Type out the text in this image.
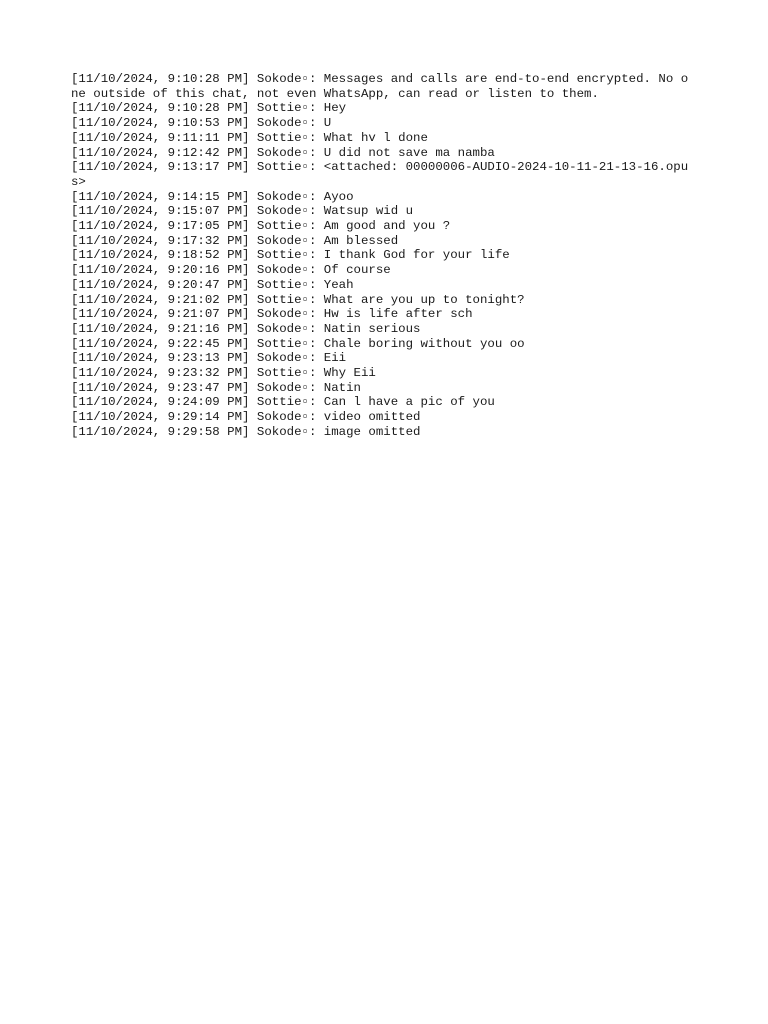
[11/10/2024, 9:10:28 PM] Sokode▫: Messages and calls are end-to-end encrypted. No one outside of this chat, not even WhatsApp, can read or listen to them.
[11/10/2024, 9:10:28 PM] Sottie▫: Hey
[11/10/2024, 9:10:53 PM] Sokode▫: U
[11/10/2024, 9:11:11 PM] Sottie▫: What hv l done
[11/10/2024, 9:12:42 PM] Sokode▫: U did not save ma namba
[11/10/2024, 9:13:17 PM] Sottie▫: <attached: 00000006-AUDIO-2024-10-11-21-13-16.opus>
[11/10/2024, 9:14:15 PM] Sokode▫: Ayoo
[11/10/2024, 9:15:07 PM] Sokode▫: Watsup wid u
[11/10/2024, 9:17:05 PM] Sottie▫: Am good and you ?
[11/10/2024, 9:17:32 PM] Sokode▫: Am blessed
[11/10/2024, 9:18:52 PM] Sottie▫: I thank God for your life
[11/10/2024, 9:20:16 PM] Sokode▫: Of course
[11/10/2024, 9:20:47 PM] Sottie▫: Yeah
[11/10/2024, 9:21:02 PM] Sottie▫: What are you up to tonight?
[11/10/2024, 9:21:07 PM] Sokode▫: Hw is life after sch
[11/10/2024, 9:21:16 PM] Sokode▫: Natin serious
[11/10/2024, 9:22:45 PM] Sottie▫: Chale boring without you oo
[11/10/2024, 9:23:13 PM] Sokode▫: Eii
[11/10/2024, 9:23:32 PM] Sottie▫: Why Eii
[11/10/2024, 9:23:47 PM] Sokode▫: Natin
[11/10/2024, 9:24:09 PM] Sottie▫: Can l have a pic of you
[11/10/2024, 9:29:14 PM] Sokode▫: video omitted
[11/10/2024, 9:29:58 PM] Sokode▫: image omitted
